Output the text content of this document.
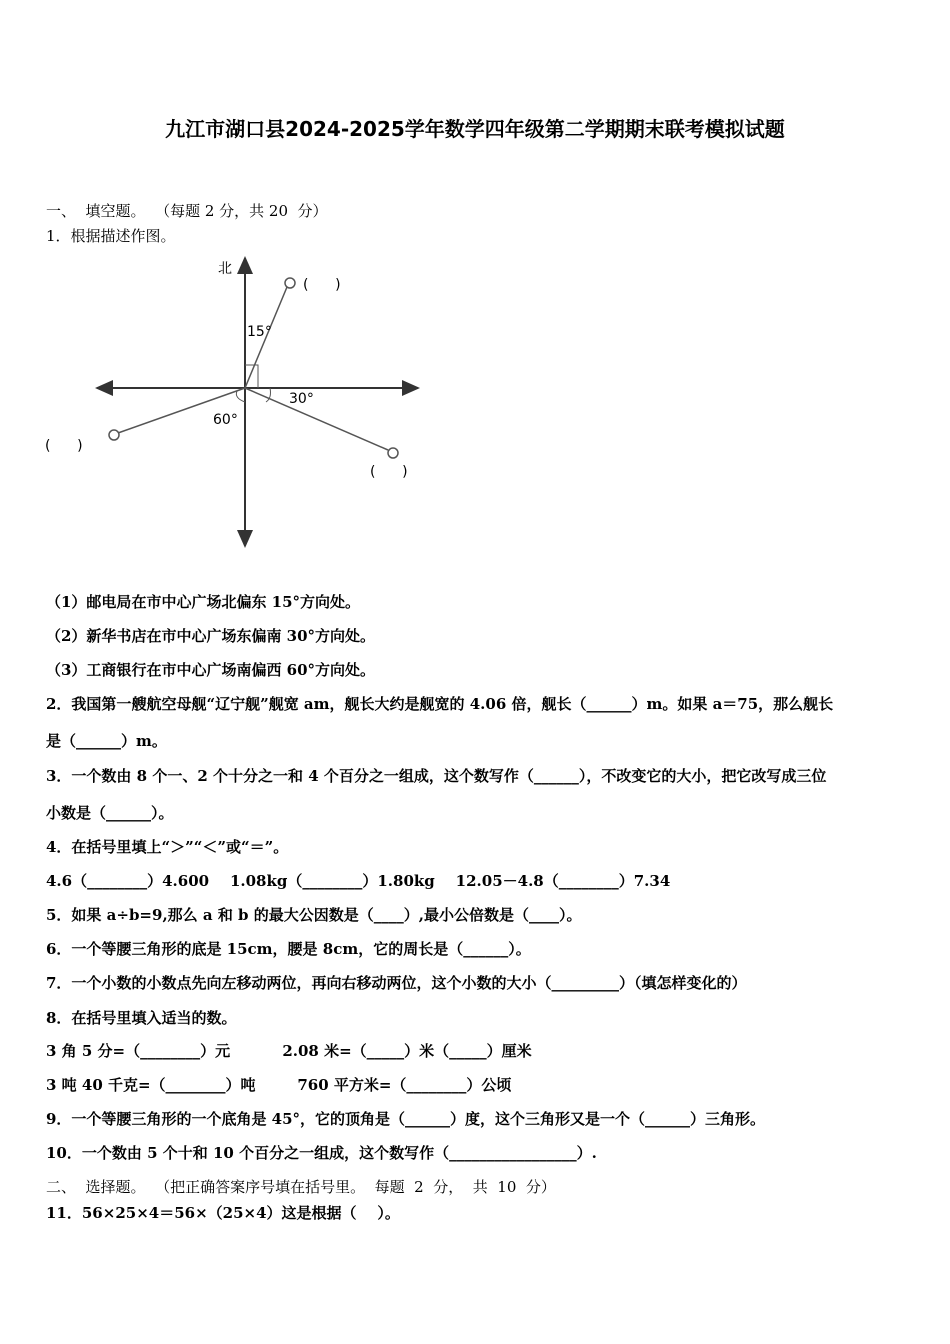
九江市湖口县2024-2025学年数学四年级第二学期期末联考模拟试题
一、  填空题。  （每题 2 分，共 20  分）
1．根据描述作图。
北
15°
30°
60°
(      )
(      )
(      )
（1）邮电局在市中心广场北偏东 15°方向处。
（2）新华书店在市中心广场东偏南 30°方向处。
（3）工商银行在市中心广场南偏西 60°方向处。
2．我国第一艘航空母舰“辽宁舰”舰宽 am，舰长大约是舰宽的 4.06 倍，舰长（______）m。如果 a＝75，那么舰长
是（______）m。
3．一个数由 8 个一、2 个十分之一和 4 个百分之一组成，这个数写作（______），不改变它的大小，把它改写成三位
小数是（______）。
4．在括号里填上“＞”“＜”或“＝”。
4.6（________）4.600    1.08kg（________）1.80kg    12.05－4.8（________）7.34
5．如果 a÷b=9,那么 a 和 b 的最大公因数是（____）,最小公倍数是（____）。
6．一个等腰三角形的底是 15cm，腰是 8cm，它的周长是（______）。
7．一个小数的小数点先向左移动两位，再向右移动两位，这个小数的大小（_________）（填怎样变化的）
8．在括号里填入适当的数。
3 角 5 分=（________）元          2.08 米=（_____）米（_____）厘米
3 吨 40 千克=（________）吨        760 平方米=（________）公顷
9．一个等腰三角形的一个底角是 45°，它的顶角是（______）度，这个三角形又是一个（______）三角形。
10．一个数由 5 个十和 10 个百分之一组成，这个数写作（_________________）.
二、  选择题。  （把正确答案序号填在括号里。  每题  2  分，  共  10  分）
11．56×25×4＝56×（25×4）这是根据（    ）。
